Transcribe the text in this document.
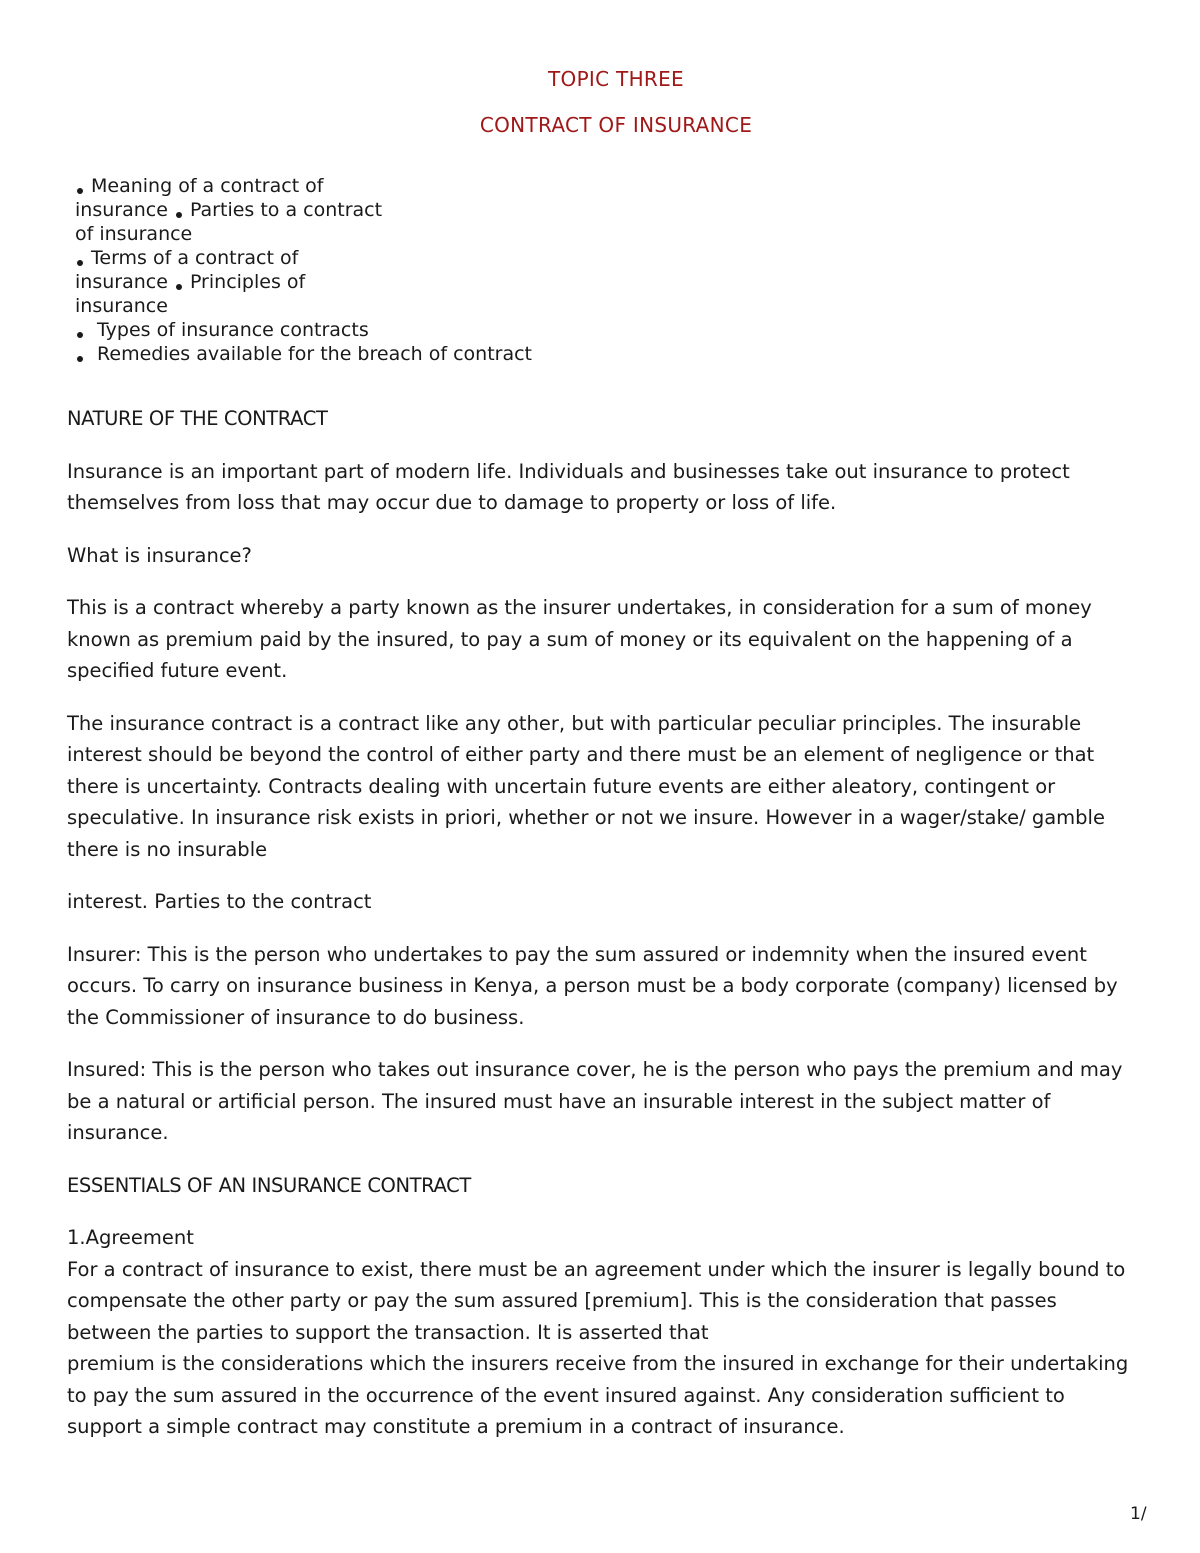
TOPIC THREE
CONTRACT OF INSURANCE
Meaning of a contract of
insurance Parties to a contract
of insurance
Terms of a contract of
insurance Principles of
insurance
Types of insurance contracts
Remedies available for the breach of contract

NATURE OF THE CONTRACT

Insurance is an important part of modern life. Individuals and businesses take out insurance to protect themselves from loss that may occur due to damage to property or loss of life.

What is insurance?

This is a contract whereby a party known as the insurer undertakes, in consideration for a sum of money known as premium paid by the insured, to pay a sum of money or its equivalent on the happening of a specified future event.

The insurance contract is a contract like any other, but with particular peculiar principles. The insurable interest should be beyond the control of either party and there must be an element of negligence or that there is uncertainty. Contracts dealing with uncertain future events are either aleatory, contingent or speculative. In insurance risk exists in priori, whether or not we insure. However in a wager/stake/ gamble there is no insurable

interest. Parties to the contract

Insurer: This is the person who undertakes to pay the sum assured or indemnity when the insured event occurs. To carry on insurance business in Kenya, a person must be a body corporate (company) licensed by the Commissioner of insurance to do business.

Insured: This is the person who takes out insurance cover, he is the person who pays the premium and may be a natural or artificial person. The insured must have an insurable interest in the subject matter of insurance.

ESSENTIALS OF AN INSURANCE CONTRACT

1.Agreement

For a contract of insurance to exist, there must be an agreement under which the insurer is legally bound to compensate the other party or pay the sum assured [premium]. This is the consideration that passes between the parties to support the transaction. It is asserted that

premium is the considerations which the insurers receive from the insured in exchange for their undertaking to pay the sum assured in the occurrence of the event insured against. Any consideration sufficient to support a simple contract may constitute a premium in a contract of insurance.

1/
